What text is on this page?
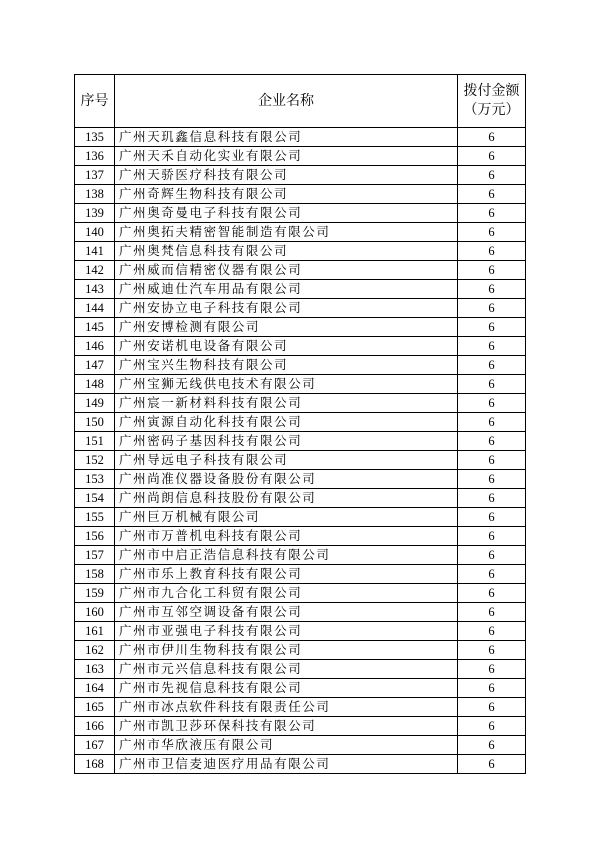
序号	企业名称	拨付金额
（万元）

135	广州天玑鑫信息科技有限公司	6
136	广州天禾自动化实业有限公司	6
137	广州天骄医疗科技有限公司	6
138	广州奇辉生物科技有限公司	6
139	广州奥奇曼电子科技有限公司	6
140	广州奥拓夫精密智能制造有限公司	6
141	广州奥梵信息科技有限公司	6
142	广州威而信精密仪器有限公司	6
143	广州威迪仕汽车用品有限公司	6
144	广州安协立电子科技有限公司	6
145	广州安博检测有限公司	6
146	广州安诺机电设备有限公司	6
147	广州宝兴生物科技有限公司	6
148	广州宝狮无线供电技术有限公司	6
149	广州宸一新材料科技有限公司	6
150	广州寅源自动化科技有限公司	6
151	广州密码子基因科技有限公司	6
152	广州导远电子科技有限公司	6
153	广州尚准仪器设备股份有限公司	6
154	广州尚朗信息科技股份有限公司	6
155	广州巨万机械有限公司	6
156	广州市万普机电科技有限公司	6
157	广州市中启正浩信息科技有限公司	6
158	广州市乐上教育科技有限公司	6
159	广州市九合化工科贸有限公司	6
160	广州市互邻空调设备有限公司	6
161	广州市亚强电子科技有限公司	6
162	广州市伊川生物科技有限公司	6
163	广州市元兴信息科技有限公司	6
164	广州市先视信息科技有限公司	6
165	广州市冰点软件科技有限责任公司	6
166	广州市凯卫莎环保科技有限公司	6
167	广州市华欣液压有限公司	6
168	广州市卫信麦迪医疗用品有限公司	6
